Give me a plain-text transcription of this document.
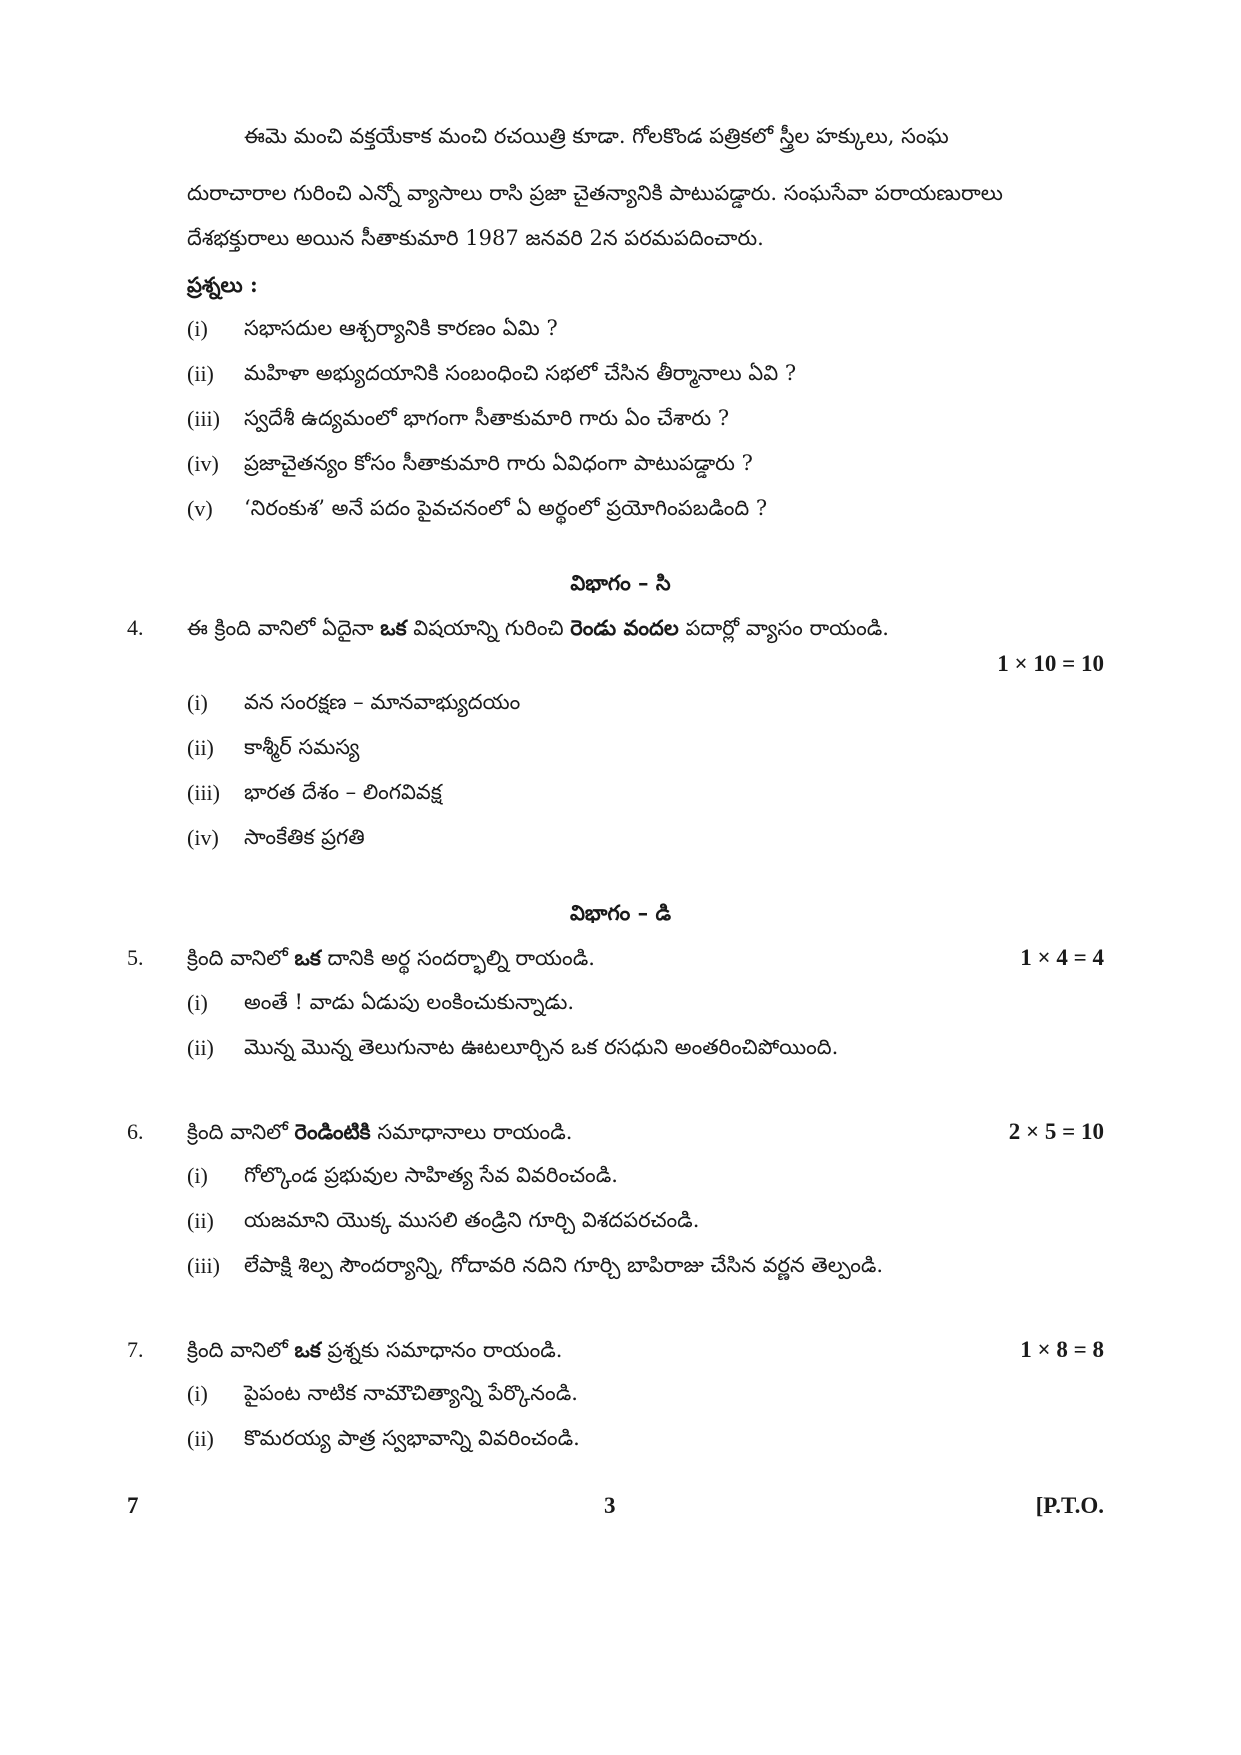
ఈమె మంచి వక్తయేకాక మంచి రచయిత్రి కూడా. గోలకొండ పత్రికలో స్త్రీల హక్కులు, సంఘ
దురాచారాల గురించి ఎన్నో వ్యాసాలు రాసి ప్రజా చైతన్యానికి పాటుపడ్డారు. సంఘసేవా పరాయణురాలు
దేశభక్తురాలు అయిన సీతాకుమారి 1987 జనవరి 2న పరమపదించారు.
ప్రశ్నలు :
(i) సభాసదుల ఆశ్చర్యానికి కారణం ఏమి ?
(ii) మహిళా అభ్యుదయానికి సంబంధించి సభలో చేసిన తీర్మానాలు ఏవి ?
(iii) స్వదేశీ ఉద్యమంలో భాగంగా సీతాకుమారి గారు ఏం చేశారు ?
(iv) ప్రజాచైతన్యం కోసం సీతాకుమారి గారు ఏవిధంగా పాటుపడ్డారు ?
(v) ‘నిరంకుశ’ అనే పదం పైవచనంలో ఏ అర్థంలో ప్రయోగింపబడింది ?
విభాగం – సి
4. ఈ క్రింది వానిలో ఏదైనా ఒక విషయాన్ని గురించి రెండు వందల పదార్లో వ్యాసం రాయండి.
1 × 10 = 10
(i) వన సంరక్షణ – మానవాభ్యుదయం
(ii) కాశ్మీర్ సమస్య
(iii) భారత దేశం – లింగవివక్ష
(iv) సాంకేతిక ప్రగతి
విభాగం – డి
5. క్రింది వానిలో ఒక దానికి అర్థ సందర్భాల్ని రాయండి.	1 × 4 = 4
(i) అంతే ! వాడు ఏడుపు లంకించుకున్నాడు.
(ii) మొన్న మొన్న తెలుగునాట ఊటలూర్చిన ఒక రసధుని అంతరించిపోయింది.
6. క్రింది వానిలో రెండింటికి సమాధానాలు రాయండి.	2 × 5 = 10
(i) గోల్కొండ ప్రభువుల సాహిత్య సేవ వివరించండి.
(ii) యజమాని యొక్క ముసలి తండ్రిని గూర్చి విశదపరచండి.
(iii) లేపాక్షి శిల్ప సౌందర్యాన్ని, గోదావరి నదిని గూర్చి బాపిరాజు చేసిన వర్ణన తెల్పండి.
7. క్రింది వానిలో ఒక ప్రశ్నకు సమాధానం రాయండి.	1 × 8 = 8
(i) పైపంట నాటిక నామౌచిత్యాన్ని పేర్కొనండి.
(ii) కొమరయ్య పాత్ర స్వభావాన్ని వివరించండి.
7	3	[P.T.O.
